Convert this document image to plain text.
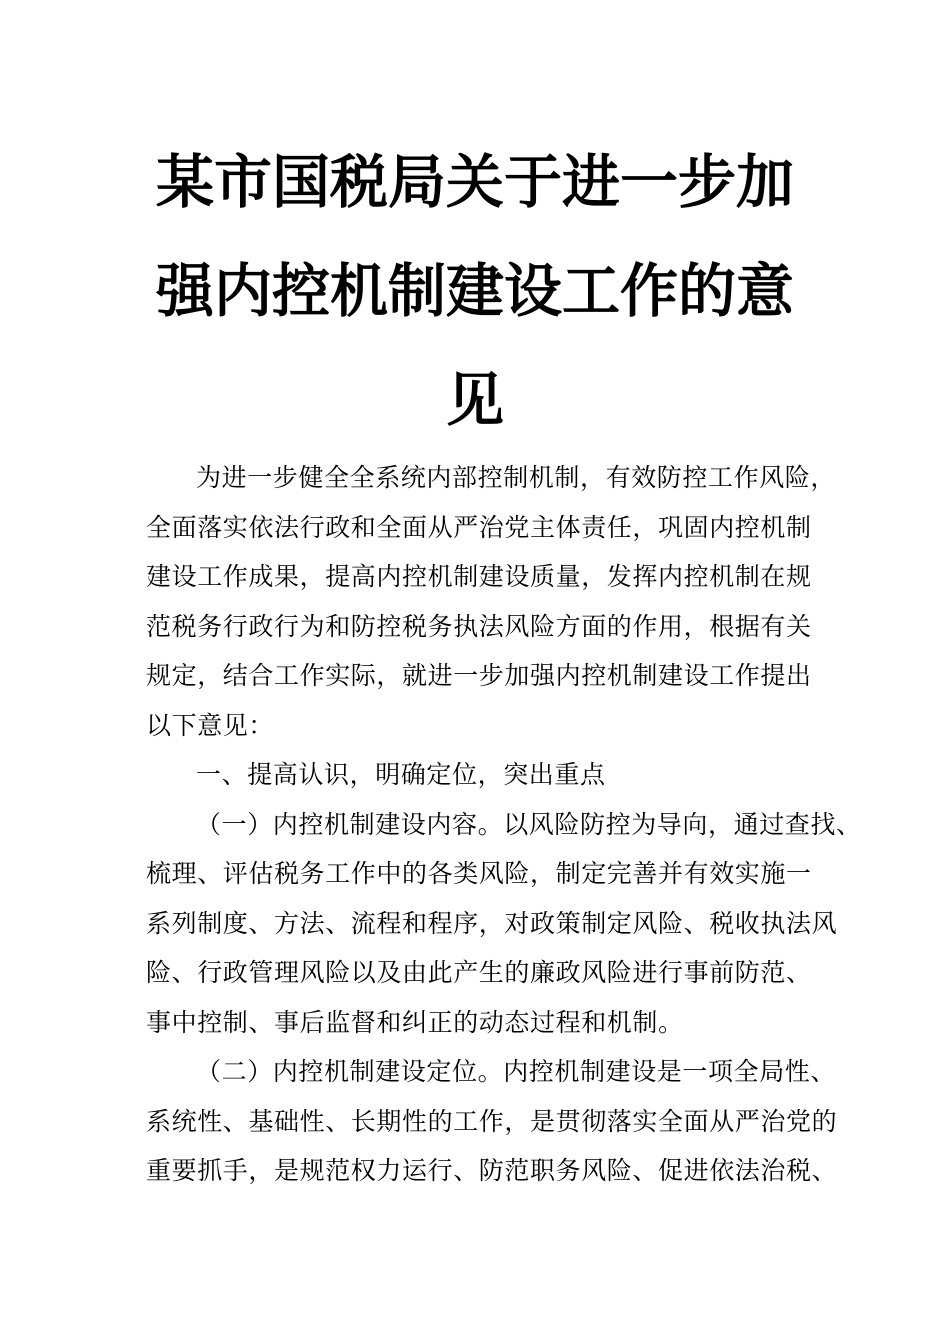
某市国税局关于进一步加
强内控机制建设工作的意
见
为进一步健全全系统内部控制机制，有效防控工作风险，
全面落实依法行政和全面从严治党主体责任，巩固内控机制
建设工作成果，提高内控机制建设质量，发挥内控机制在规
范税务行政行为和防控税务执法风险方面的作用，根据有关
规定，结合工作实际，就进一步加强内控机制建设工作提出
以下意见：
一、提高认识，明确定位，突出重点
（一）内控机制建设内容。以风险防控为导向，通过查找、
梳理、评估税务工作中的各类风险，制定完善并有效实施一
系列制度、方法、流程和程序，对政策制定风险、税收执法风
险、行政管理风险以及由此产生的廉政风险进行事前防范、
事中控制、事后监督和纠正的动态过程和机制。
（二）内控机制建设定位。内控机制建设是一项全局性、
系统性、基础性、长期性的工作，是贯彻落实全面从严治党的
重要抓手，是规范权力运行、防范职务风险、促进依法治税、
